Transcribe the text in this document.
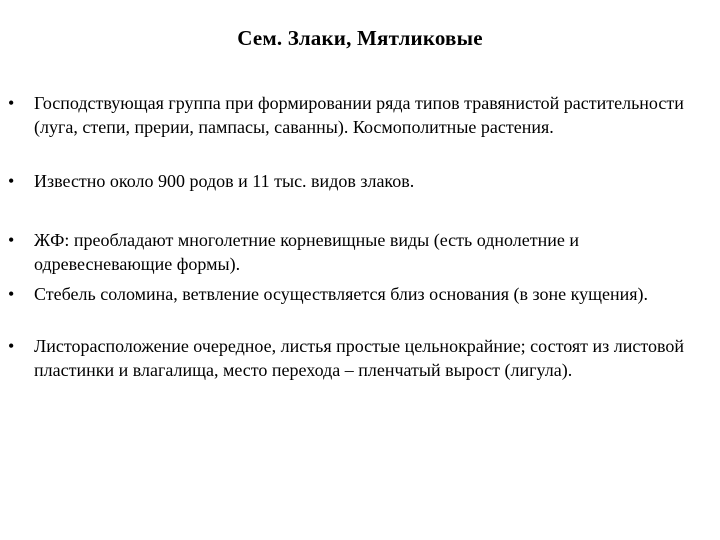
Сем. Злаки, Мятликовые
•	Господствующая группа при формировании ряда типов травянистой растительности (луга, степи, прерии, пампасы, саванны). Космополитные растения.
•	Известно около 900 родов и 11 тыс. видов злаков.
•	ЖФ: преобладают многолетние корневищные виды (есть однолетние и одревесневающие формы).
•	Стебель соломина, ветвление осуществляется близ основания (в зоне кущения).
•	Листорасположение очередное, листья простые цельнокрайние; состоят из листовой пластинки и влагалища, место перехода – пленчатый вырост (лигула).
